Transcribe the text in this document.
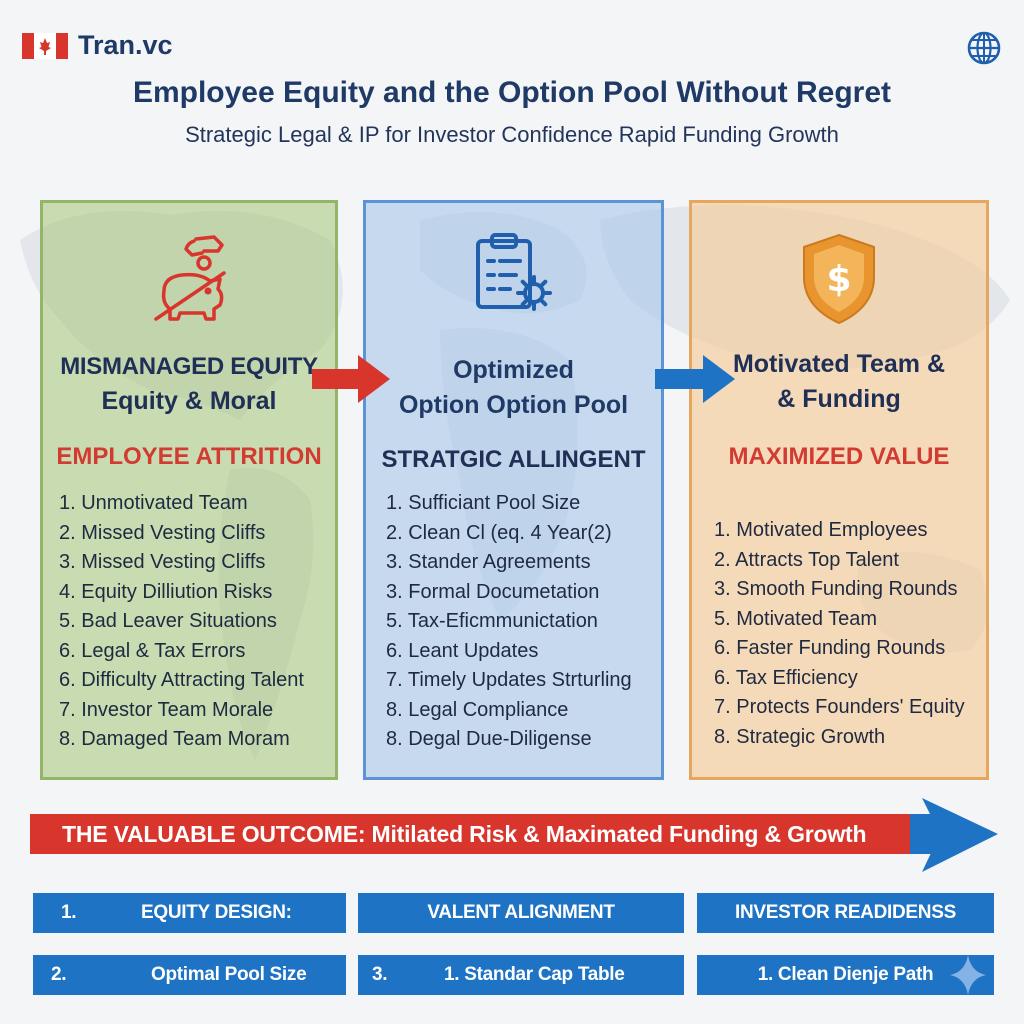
Tran.vc
Employee Equity and the Option Pool Without Regret
Strategic Legal & IP for Investor Confidence Rapid Funding Growth
MISMANAGED EQUITY
Equity & Moral
EMPLOYEE ATTRITION
1. Unmotivated Team
2. Missed Vesting Cliffs
3. Missed Vesting Cliffs
4. Equity Dilliution Risks
5. Bad Leaver Situations
6. Legal & Tax Errors
6. Difficulty Attracting Talent
7. Investor Team Morale
8. Damaged Team Moram
Optimized
Option Option Pool
STRATGIC ALLINGENT
1. Sufficiant Pool Size
2. Clean Cl (eq. 4 Year(2)
3. Stander Agreements
3. Formal Documetation
5. Tax-Eficmmunictation
6. Leant Updates
7. Timely Updates Strturling
8. Legal Compliance
8. Degal Due-Diligense
$
Motivated Team &
& Funding
MAXIMIZED VALUE
1. Motivated Employees
2. Attracts Top Talent
3. Smooth Funding Rounds
5. Motivated Team
6. Faster Funding Rounds
6. Tax Efficiency
7. Protects Founders' Equity
8. Strategic Growth
THE VALUABLE OUTCOME: Mitilated Risk & Maximated Funding & Growth
1.	EQUITY DESIGN:	VALENT ALIGNMENT	INVESTOR READIDENSS
2.	Optimal Pool Size	3.	1. Standar Cap Table	1. Clean Dienje Path
